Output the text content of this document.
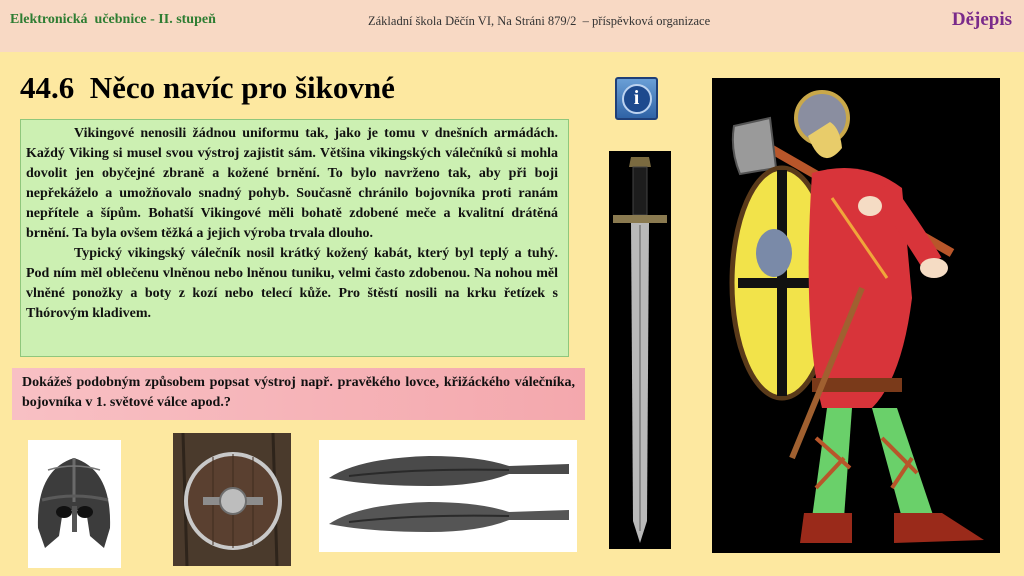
Elektronická  učebnice - II. stupeň	Základní škola Děčín VI, Na Stráni 879/2  – příspěvková organizace	Dějepis
44.6  Něco navíc pro šikovné	i

Vikingové nenosili žádnou uniformu tak, jako je tomu v dnešních armádách. Každý Viking si musel svou výstroj zajistit sám. Většina vikingských válečníků si mohla dovolit jen obyčejné zbraně a kožené brnění. To bylo navrženo tak, aby při boji nepřekáželo a umožňovalo snadný pohyb. Současně chránilo bojovníka proti ranám nepřítele a šípům. Bohatší Vikingové měli bohatě zdobené meče a kvalitní drátěná brnění. Ta byla ovšem těžká a jejich výroba trvala dlouho.

Typický vikingský válečník nosil krátký kožený kabát, který byl teplý a tuhý. Pod ním měl oblečenu vlněnou nebo lněnou tuniku, velmi často zdobenou. Na nohou měl vlněné ponožky a boty z kozí nebo telecí kůže. Pro štěstí nosili na krku řetízek s Thórovým kladivem.

Dokážeš podobným způsobem popsat výstroj např. pravěkého lovce, křižáckého válečníka, bojovníka v 1. světové válce apod.?
